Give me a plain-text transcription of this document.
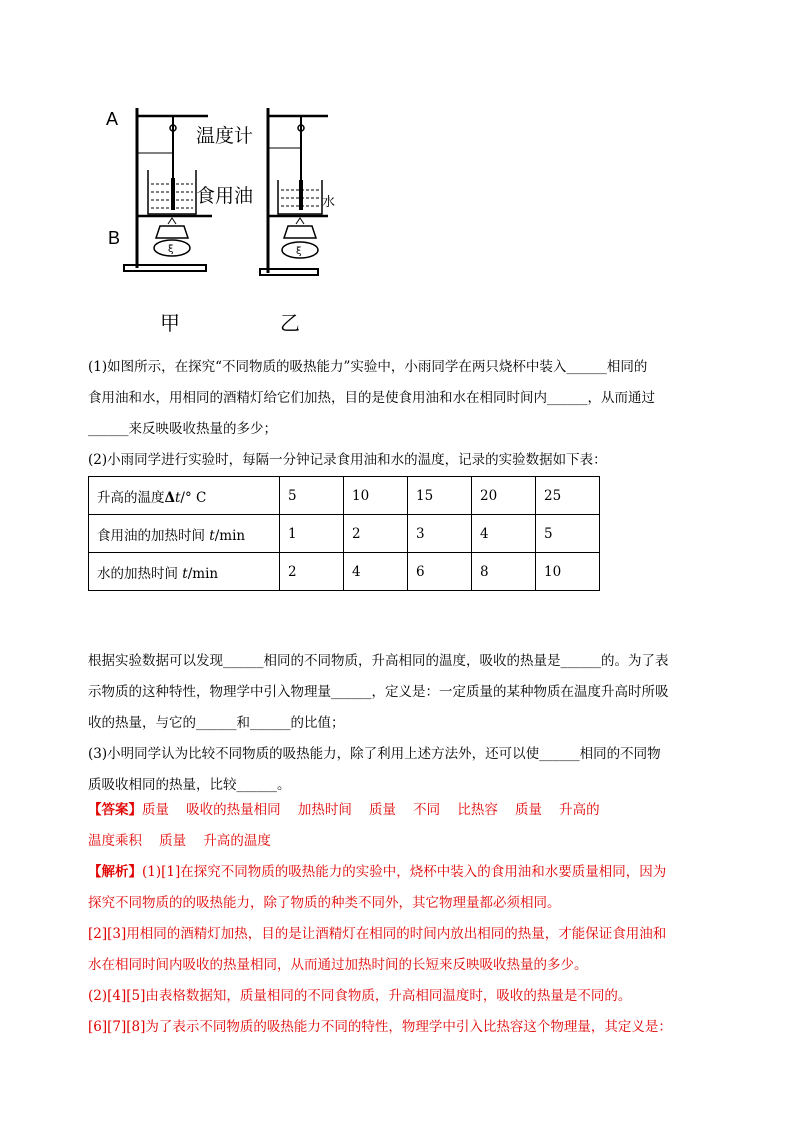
A
B
ξ
温度计
食用油
ξ
水
甲	乙
(1)如图所示，在探究“不同物质的吸热能力”实验中，小雨同学在两只烧杯中装入______相同的
食用油和水，用相同的酒精灯给它们加热，目的是使食用油和水在相同时间内______，从而通过
______来反映吸收热量的多少；
(2)小雨同学进行实验时，每隔一分钟记录食用油和水的温度，记录的实验数据如下表：
升高的温度Δt/° C	5	10	15	20	25
食用油的加热时间 t/min	1	2	3	4	5
水的加热时间 t/min	2	4	6	8	10
根据实验数据可以发现______相同的不同物质，升高相同的温度，吸收的热量是______的。为了表
示物质的这种特性，物理学中引入物理量______，定义是：一定质量的某种物质在温度升高时所吸
收的热量，与它的______和______的比值；
(3)小明同学认为比较不同物质的吸热能力，除了利用上述方法外，还可以使______相同的不同物
质吸收相同的热量，比较______。
【答案】质量    吸收的热量相同    加热时间    质量    不同    比热容    质量    升高的
温度乘积    质量    升高的温度
【解析】(1)[1]在探究不同物质的吸热能力的实验中，烧杯中装入的食用油和水要质量相同，因为
探究不同物质的的吸热能力，除了物质的种类不同外，其它物理量都必须相同。
[2][3]用相同的酒精灯加热，目的是让酒精灯在相同的时间内放出相同的热量，才能保证食用油和
水在相同时间内吸收的热量相同，从而通过加热时间的长短来反映吸收热量的多少。
(2)[4][5]由表格数据知，质量相同的不同食物质，升高相同温度时，吸收的热量是不同的。
[6][7][8]为了表示不同物质的吸热能力不同的特性，物理学中引入比热容这个物理量，其定义是：
